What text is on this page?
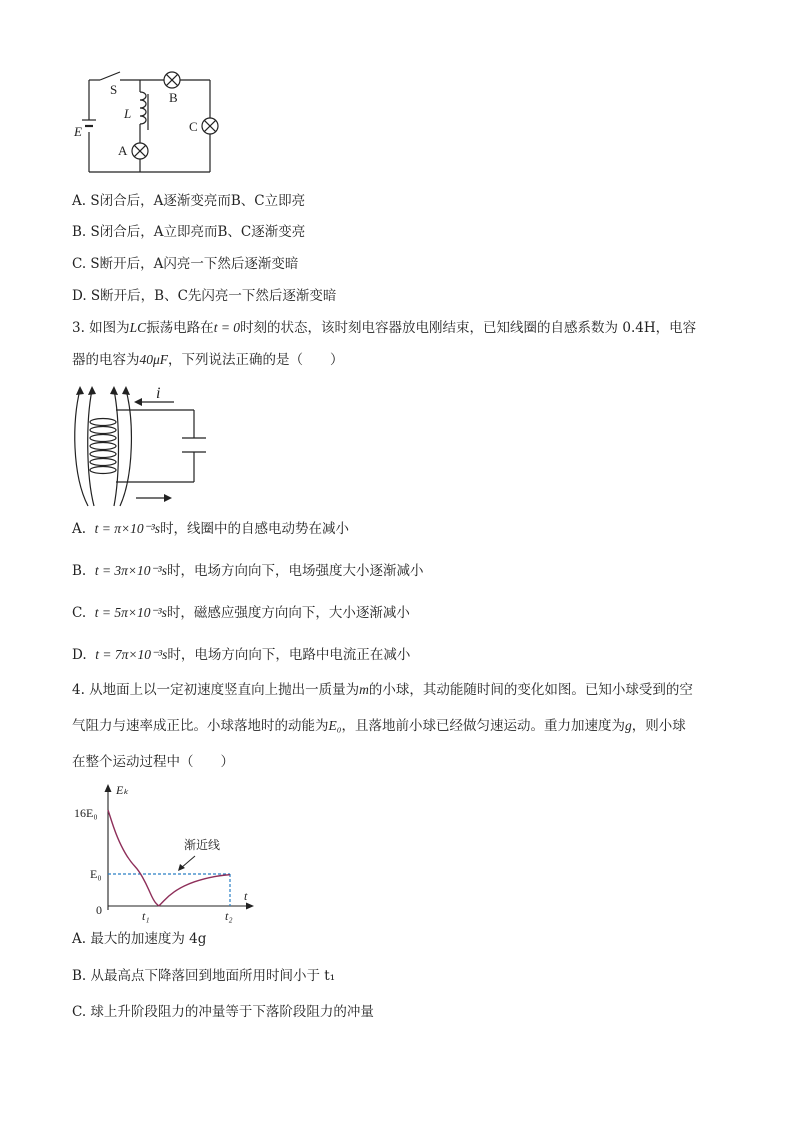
S
B
L
C
E
A
A. S闭合后，A逐渐变亮而B、C立即亮
B. S闭合后，A立即亮而B、C逐渐变亮
C. S断开后，A闪亮一下然后逐渐变暗
D. S断开后，B、C先闪亮一下然后逐渐变暗
3. 如图为LC振荡电路在t = 0时刻的状态，该时刻电容器放电刚结束，已知线圈的自感系数为 0.4H，电容
器的电容为40μF，下列说法正确的是（　　）
i
A. t = π×10⁻³s时，线圈中的自感电动势在减小
B. t = 3π×10⁻³s时，电场方向向下，电场强度大小逐渐减小
C. t = 5π×10⁻³s时，磁感应强度方向向下，大小逐渐减小
D. t = 7π×10⁻³s时，电场方向向下，电路中电流正在减小
4. 从地面上以一定初速度竖直向上抛出一质量为m的小球，其动能随时间的变化如图。已知小球受到的空
气阻力与速率成正比。小球落地时的动能为E₀，且落地前小球已经做匀速运动。重力加速度为g，则小球
在整个运动过程中（　　）
Eₖ
t
16E₀
E₀
0	t₁	t₂
渐近线
A. 最大的加速度为 4g
B. 从最高点下降落回到地面所用时间小于 t₁
C. 球上升阶段阻力的冲量等于下落阶段阻力的冲量
